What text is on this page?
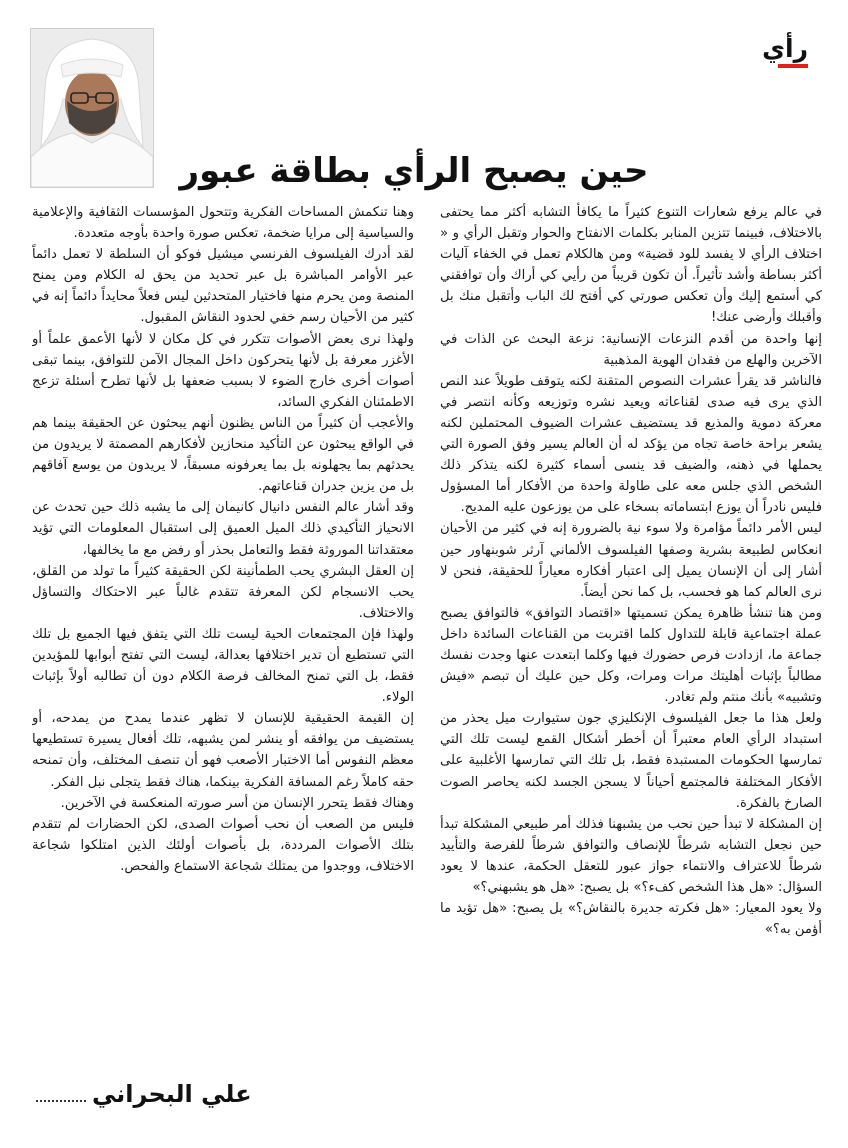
رأي
حين يصبح الرأي بطاقة عبور

في عالم يرفع شعارات التنوع كثيراً ما يكافأ التشابه أكثر مما يحتفى بالاختلاف، فبينما تتزين المنابر بكلمات الانفتاح والحوار وتقبل الرأي و « اختلاف الرأي لا يفسد للود قضية» ومن هالكلام تعمل في الخفاء آليات أكثر بساطة وأشد تأثيراً. أن تكون قريباً من رأيي كي أراك وأن توافقني كي أستمع إليك وأن تعكس صورتي كي أفتح لك الباب وأتقبل منك بل وأقبلك وأرضى عنك!

إنها واحدة من أقدم النزعات الإنسانية: نزعة البحث عن الذات في الآخرين والهلع من فقدان الهوية المذهبية

فالناشر قد يقرأ عشرات النصوص المتقنة لكنه يتوقف طويلاً عند النص الذي يرى فيه صدى لقناعاته ويعيد نشره وتوزيعه وكأنه انتصر في معركة دموية والمذيع قد يستضيف عشرات الضيوف المحتملين لكنه يشعر براحة خاصة تجاه من يؤكد له أن العالم يسير وفق الصورة التي يحملها في ذهنه، والضيف قد ينسى أسماء كثيرة لكنه يتذكر ذلك الشخص الذي جلس معه على طاولة واحدة من الأفكار أما المسؤول فليس نادراً أن يوزع ابتساماته بسخاء على من يوزعون عليه المديح.

ليس الأمر دائماً مؤامرة ولا سوء نية بالضرورة إنه في كثير من الأحيان انعكاس لطبيعة بشرية وصفها الفيلسوف الألماني آرثر شوبنهاور حين أشار إلى أن الإنسان يميل إلى اعتبار أفكاره معياراً للحقيقة، فنحن لا نرى العالم كما هو فحسب، بل كما نحن أيضاً.

ومن هنا تنشأ ظاهرة يمكن تسميتها «اقتصاد التوافق» فالتوافق يصبح عملة اجتماعية قابلة للتداول كلما اقتربت من القناعات السائدة داخل جماعة ما، ازدادت فرص حضورك فيها وكلما ابتعدت عنها وجدت نفسك مطالباً بإثبات أهليتك مرات ومرات، وكل حين عليك أن تبصم «فيش وتشبيه» بأنك منتم ولم تغادر.

ولعل هذا ما جعل الفيلسوف الإنكليزي جون ستيوارت ميل يحذر من استبداد الرأي العام معتبراً أن أخطر أشكال القمع ليست تلك التي تمارسها الحكومات المستبدة فقط، بل تلك التي تمارسها الأغلبية على الأفكار المختلفة فالمجتمع أحياناً لا يسجن الجسد لكنه يحاصر الصوت الصارخ بالفكرة.

إن المشكلة لا تبدأ حين نحب من يشبهنا فذلك أمر طبيعي المشكلة تبدأ حين نجعل التشابه شرطاً للإنصاف والتوافق شرطاً للفرصة والتأييد شرطاً للاعتراف والانتماء جواز عبور للتعقل الحكمة، عندها لا يعود السؤال: «هل هذا الشخص كفء؟» بل يصبح: «هل هو يشبهني؟»

ولا يعود المعيار: «هل فكرته جديرة بالنقاش؟» بل يصبح: «هل تؤيد ما أؤمن به؟»

وهنا تنكمش المساحات الفكرية وتتحول المؤسسات الثقافية والإعلامية والسياسية إلى مرايا ضخمة، تعكس صورة واحدة بأوجه متعددة.

لقد أدرك الفيلسوف الفرنسي ميشيل فوكو أن السلطة لا تعمل دائماً عبر الأوامر المباشرة بل عبر تحديد من يحق له الكلام ومن يمنح المنصة ومن يحرم منها فاختيار المتحدثين ليس فعلاً محايداً دائماً إنه في كثير من الأحيان رسم خفي لحدود النقاش المقبول.

ولهذا نرى بعض الأصوات تتكرر في كل مكان لا لأنها الأعمق علماً أو الأغزر معرفة بل لأنها يتحركون داخل المجال الآمن للتوافق، بينما تبقى أصوات أخرى خارج الضوء لا بسبب ضعفها بل لأنها تطرح أسئلة تزعج الاطمئنان الفكري السائد،

والأعجب أن كثيراً من الناس يظنون أنهم يبحثون عن الحقيقة بينما هم في الواقع يبحثون عن التأكيد منحازين لأفكارهم المصمتة لا يريدون من يحدثهم بما يجهلونه بل بما يعرفونه مسبقاً، لا يريدون من يوسع آفاقهم بل من يزين جدران قناعاتهم.

وقد أشار عالم النفس دانيال كانيمان إلى ما يشبه ذلك حين تحدث عن الانحياز التأكيدي ذلك الميل العميق إلى استقبال المعلومات التي تؤيد معتقداتنا الموروثة فقط والتعامل بحذر أو رفض مع ما يخالفها،

إن العقل البشري يحب الطمأنينة لكن الحقيقة كثيراً ما تولد من القلق، يحب الانسجام لكن المعرفة تتقدم غالباً عبر الاحتكاك والتساؤل والاختلاف.

ولهذا فإن المجتمعات الحية ليست تلك التي يتفق فيها الجميع بل تلك التي تستطيع أن تدير اختلافها بعدالة، ليست التي تفتح أبوابها للمؤيدين فقط، بل التي تمنح المخالف فرصة الكلام دون أن تطالبه أولاً بإثبات الولاء.

إن القيمة الحقيقية للإنسان لا تظهر عندما يمدح من يمدحه، أو يستضيف من يوافقه أو ينشر لمن يشبهه، تلك أفعال يسيرة تستطيعها معظم النفوس أما الاختبار الأصعب فهو أن تنصف المختلف، وأن تمنحه حقه كاملاً رغم المسافة الفكرية بينكما، هناك فقط يتجلى نبل الفكر.

وهناك فقط يتحرر الإنسان من أسر صورته المنعكسة في الآخرين.

فليس من الصعب أن نحب أصوات الصدى، لكن الحضارات لم تتقدم بتلك الأصوات المرددة، بل بأصوات أولئك الذين امتلكوا شجاعة الاختلاف، ووجدوا من يمتلك شجاعة الاستماع والفحص.

علي البحراني
